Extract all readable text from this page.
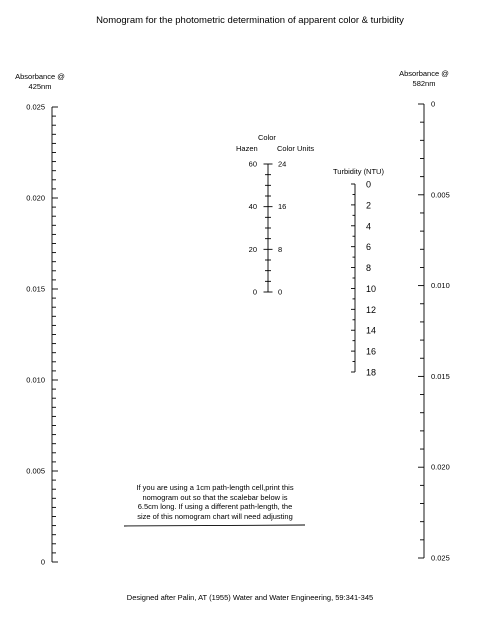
Nomogram for the photometric determination of apparent color & turbidity
Absorbance @
425nm
Absorbance @
582nm
Color
Hazen	Color Units
Turbidity (NTU)
0.025
0.020
0.015
0.010
0.005
0
0
0.005
0.010
0.015
0.020
0.025
60	24
40	16
20	8
0	0
0
2
4
6
8
10
12
14
16
18
If you are using a 1cm path-length cell,print this
nomogram out so that the scalebar below is
6.5cm long. If using a different path-length, the
size of this nomogram chart will need adjusting
Designed after Palin, AT (1955) Water and Water Engineering, 59:341-345
